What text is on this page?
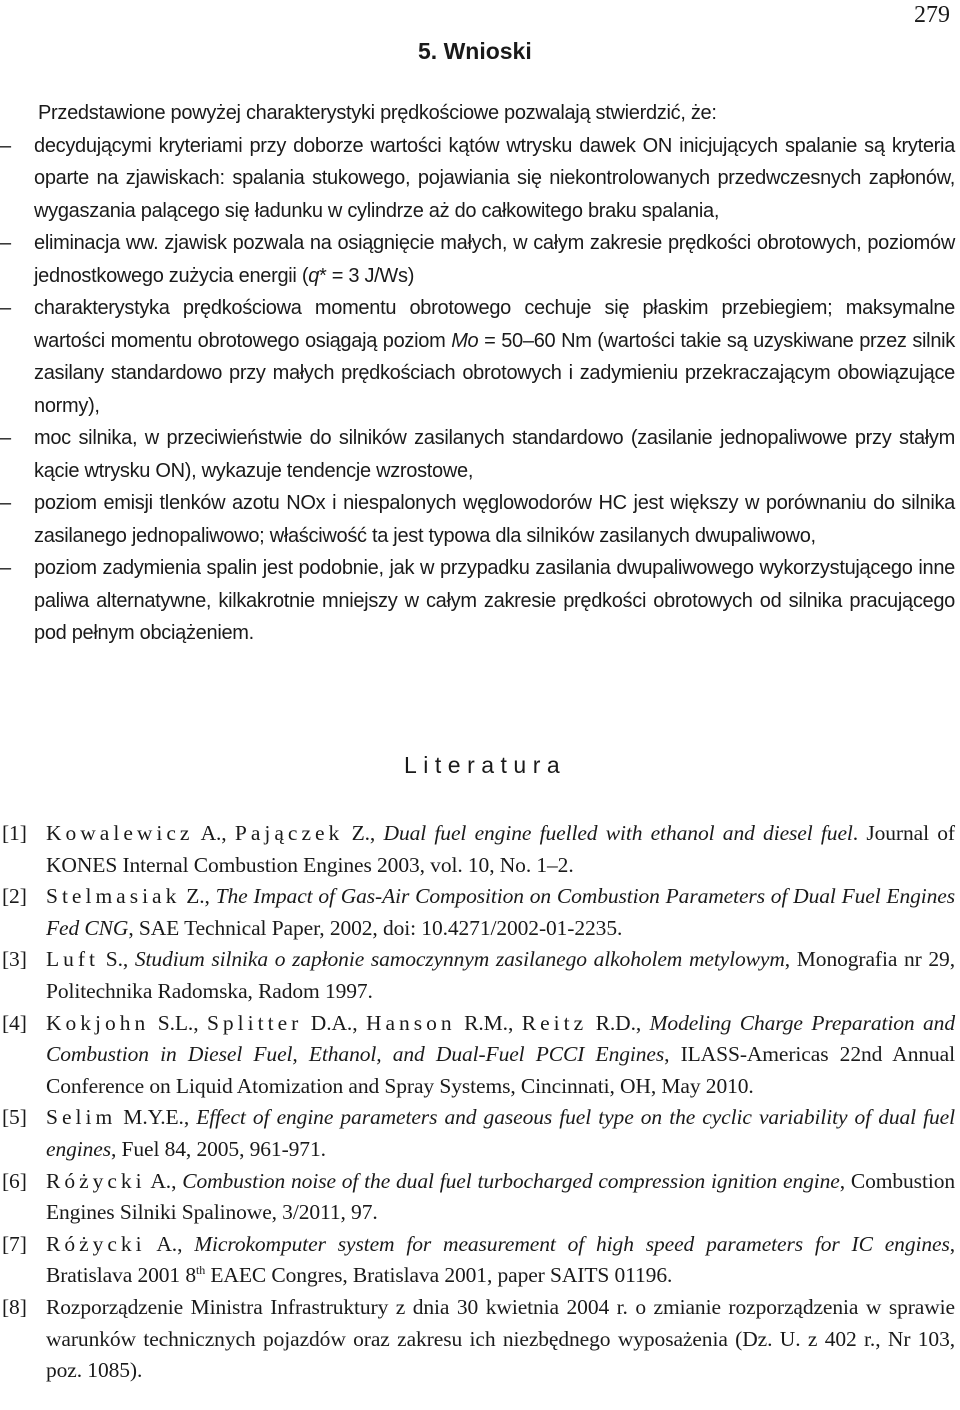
279
5. Wnioski

Przedstawione powyżej charakterystyki prędkościowe pozwalają stwierdzić, że:

– decydującymi kryteriami przy doborze wartości kątów wtrysku dawek ON inicjujących spalanie są kryteria oparte na zjawiskach: spalania stukowego, pojawiania się niekontrolowanych przedwczesnych zapłonów, wygaszania palącego się ładunku w cylindrze aż do całkowitego braku spalania,
– eliminacja ww. zjawisk pozwala na osiągnięcie małych, w całym zakresie prędkości obrotowych, poziomów jednostkowego zużycia energii (q* = 3 J/Ws)
– charakterystyka prędkościowa momentu obrotowego cechuje się płaskim przebiegiem; maksymalne wartości momentu obrotowego osiągają poziom Mo = 50–60 Nm (wartości takie są uzyskiwane przez silnik zasilany standardowo przy małych prędkościach obrotowych i zadymieniu przekraczającym obowiązujące normy),
– moc silnika, w przeciwieństwie do silników zasilanych standardowo (zasilanie jednopaliwowe przy stałym kącie wtrysku ON), wykazuje tendencje wzrostowe,
– poziom emisji tlenków azotu NOx i niespalonych węglowodorów HC jest większy w porównaniu do silnika zasilanego jednopaliwowo; właściwość ta jest typowa dla silników zasilanych dwupaliwowo,
– poziom zadymienia spalin jest podobnie, jak w przypadku zasilania dwupaliwowego wykorzystującego inne paliwa alternatywne, kilkakrotnie mniejszy w całym zakresie prędkości obrotowych od silnika pracującego pod pełnym obciążeniem.
Literatura
[1] Kowalewicz A., Pajączek Z., Dual fuel engine fuelled with ethanol and diesel fuel. Journal of KONES Internal Combustion Engines 2003, vol. 10, No. 1–2.
[2] Stelmasiak Z., The Impact of Gas-Air Composition on Combustion Parameters of Dual Fuel Engines Fed CNG, SAE Technical Paper, 2002, doi: 10.4271/2002-01-2235.
[3] Luft S., Studium silnika o zapłonie samoczynnym zasilanego alkoholem metylowym, Monografia nr 29, Politechnika Radomska, Radom 1997.
[4] Kokjohn S.L., Splitter D.A., Hanson R.M., Reitz R.D., Modeling Charge Preparation and Combustion in Diesel Fuel, Ethanol, and Dual-Fuel PCCI Engines, ILASS-Americas 22nd Annual Conference on Liquid Atomization and Spray Systems, Cincinnati, OH, May 2010.
[5] Selim M.Y.E., Effect of engine parameters and gaseous fuel type on the cyclic variability of dual fuel engines, Fuel 84, 2005, 961-971.
[6] Różycki A., Combustion noise of the dual fuel turbocharged compression ignition engine, Combustion Engines Silniki Spalinowe, 3/2011, 97.
[7] Różycki A., Microkomputer system for measurement of high speed parameters for IC engines, Bratislava 2001 8th EAEC Congres, Bratislava 2001, paper SAITS 01196.
[8] Rozporządzenie Ministra Infrastruktury z dnia 30 kwietnia 2004 r. o zmianie rozporządzenia w sprawie warunków technicznych pojazdów oraz zakresu ich niezbędnego wyposażenia (Dz. U. z 402 r., Nr 103, poz. 1085).
